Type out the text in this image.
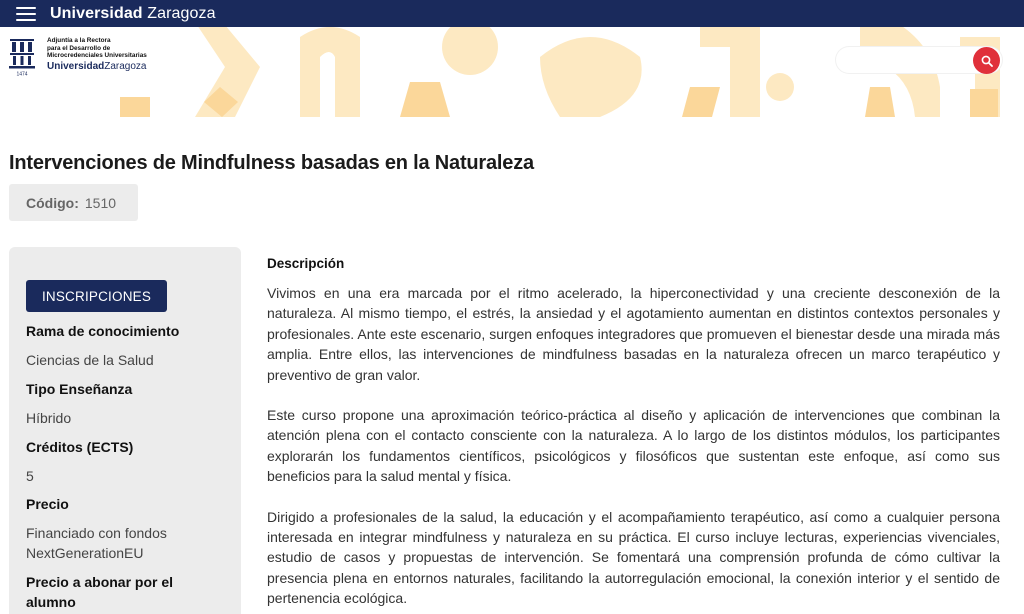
Universidad Zaragoza
1474
Adjuntía a la Rectora
para el Desarrollo de
Microcredenciales Universitarias
UniversidadZaragoza
Intervenciones de Mindfulness basadas en la Naturaleza
Código: 1510
INSCRIPCIONES
Rama de conocimiento
Ciencias de la Salud
Tipo Enseñanza
Híbrido
Créditos (ECTS)
5
Precio
Financiado con fondos NextGenerationEU
Precio a abonar por el alumno
Descripción

Vivimos en una era marcada por el ritmo acelerado, la hiperconectividad y una creciente desconexión de la naturaleza. Al mismo tiempo, el estrés, la ansiedad y el agotamiento aumentan en distintos contextos personales y profesionales. Ante este escenario, surgen enfoques integradores que promueven el bienestar desde una mirada más amplia. Entre ellos, las intervenciones de mindfulness basadas en la naturaleza ofrecen un marco terapéutico y preventivo de gran valor.

Este curso propone una aproximación teórico-práctica al diseño y aplicación de intervenciones que combinan la atención plena con el contacto consciente con la naturaleza. A lo largo de los distintos módulos, los participantes explorarán los fundamentos científicos, psicológicos y filosóficos que sustentan este enfoque, así como sus beneficios para la salud mental y física.

Dirigido a profesionales de la salud, la educación y el acompañamiento terapéutico, así como a cualquier persona interesada en integrar mindfulness y naturaleza en su práctica. El curso incluye lecturas, experiencias vivenciales, estudio de casos y propuestas de intervención. Se fomentará una comprensión profunda de cómo cultivar la presencia plena en entornos naturales, facilitando la autorregulación emocional, la conexión interior y el sentido de pertenencia ecológica.
